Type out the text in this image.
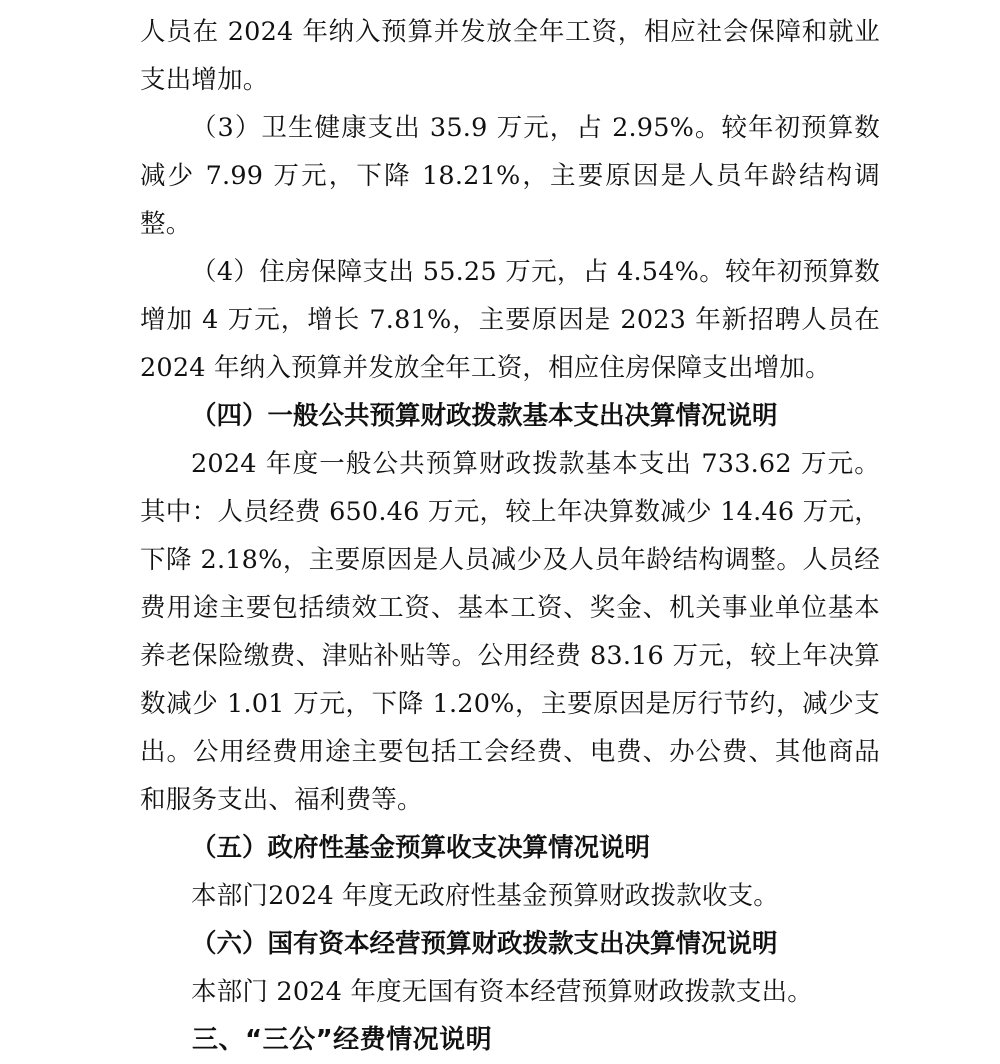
人员在 2024 年纳入预算并发放全年工资，相应社会保障和就业支出增加。

（3）卫生健康支出 35.9 万元，占 2.95%。较年初预算数减少 7.99 万元，下降 18.21%，主要原因是人员年龄结构调整。

（4）住房保障支出 55.25 万元，占 4.54%。较年初预算数增加 4 万元，增长 7.81%，主要原因是 2023 年新招聘人员在 2024 年纳入预算并发放全年工资，相应住房保障支出增加。

（四）一般公共预算财政拨款基本支出决算情况说明

2024 年度一般公共预算财政拨款基本支出 733.62 万元。其中：人员经费 650.46 万元，较上年决算数减少 14.46 万元，下降 2.18%，主要原因是人员减少及人员年龄结构调整。人员经费用途主要包括绩效工资、基本工资、奖金、机关事业单位基本养老保险缴费、津贴补贴等。公用经费 83.16 万元，较上年决算数减少 1.01 万元，下降 1.20%，主要原因是厉行节约，减少支出。公用经费用途主要包括工会经费、电费、办公费、其他商品和服务支出、福利费等。

（五）政府性基金预算收支决算情况说明

本部门2024 年度无政府性基金预算财政拨款收支。

（六）国有资本经营预算财政拨款支出决算情况说明

本部门 2024 年度无国有资本经营预算财政拨款支出。

三、“三公”经费情况说明
